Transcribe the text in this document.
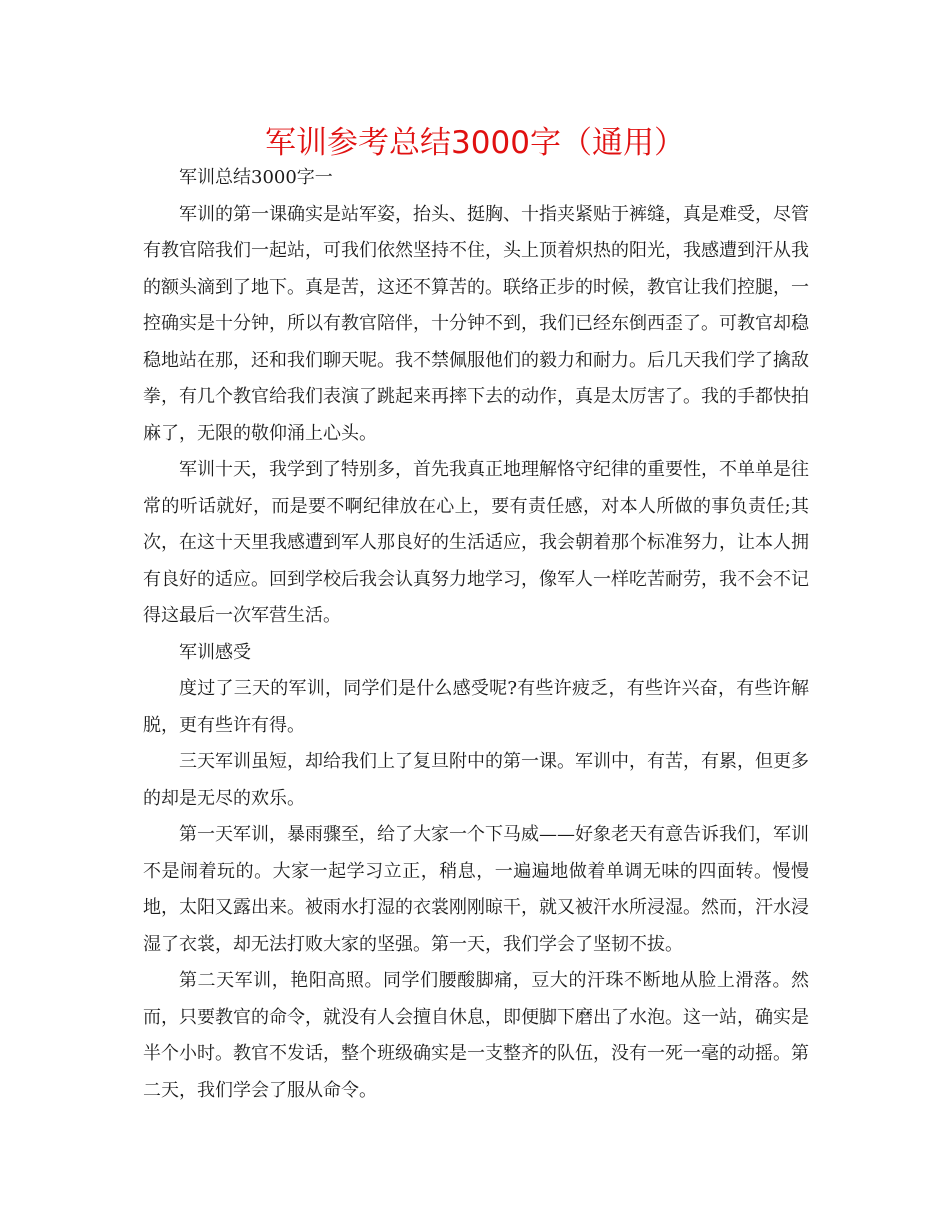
军训参考总结3000字（通用）

军训总结3000字一

军训的第一课确实是站军姿，抬头、挺胸、十指夹紧贴于裤缝，真是难受，尽管有教官陪我们一起站，可我们依然坚持不住，头上顶着炽热的阳光，我感遭到汗从我的额头滴到了地下。真是苦，这还不算苦的。联络正步的时候，教官让我们控腿，一控确实是十分钟，所以有教官陪伴，十分钟不到，我们已经东倒西歪了。可教官却稳稳地站在那，还和我们聊天呢。我不禁佩服他们的毅力和耐力。后几天我们学了擒敌拳，有几个教官给我们表演了跳起来再摔下去的动作，真是太厉害了。我的手都快拍麻了，无限的敬仰涌上心头。

军训十天，我学到了特别多，首先我真正地理解恪守纪律的重要性，不单单是往常的听话就好，而是要不啊纪律放在心上，要有责任感，对本人所做的事负责任;其次，在这十天里我感遭到军人那良好的生活适应，我会朝着那个标准努力，让本人拥有良好的适应。回到学校后我会认真努力地学习，像军人一样吃苦耐劳，我不会不记得这最后一次军营生活。

军训感受

度过了三天的军训，同学们是什么感受呢?有些许疲乏，有些许兴奋，有些许解脱，更有些许有得。

三天军训虽短，却给我们上了复旦附中的第一课。军训中，有苦，有累，但更多的却是无尽的欢乐。

第一天军训，暴雨骤至，给了大家一个下马威——好象老天有意告诉我们，军训不是闹着玩的。大家一起学习立正，稍息，一遍遍地做着单调无味的四面转。慢慢地，太阳又露出来。被雨水打湿的衣裳刚刚晾干，就又被汗水所浸湿。然而，汗水浸湿了衣裳，却无法打败大家的坚强。第一天，我们学会了坚韧不拔。

第二天军训，艳阳高照。同学们腰酸脚痛，豆大的汗珠不断地从脸上滑落。然而，只要教官的命令，就没有人会擅自休息，即便脚下磨出了水泡。这一站，确实是半个小时。教官不发话，整个班级确实是一支整齐的队伍，没有一死一毫的动摇。第二天，我们学会了服从命令。
